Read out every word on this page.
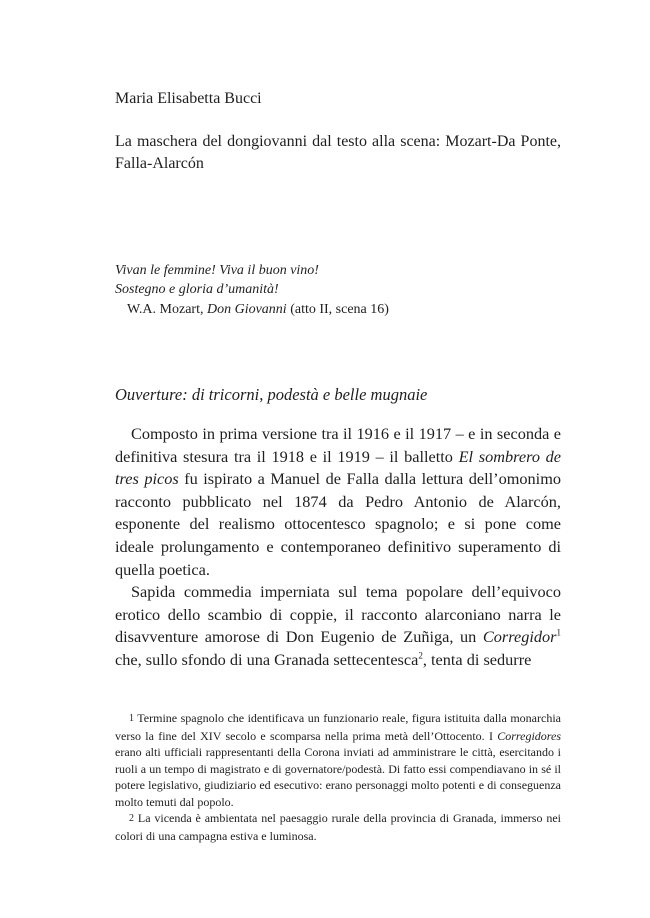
Maria Elisabetta Bucci
La maschera del dongiovanni dal testo alla scena: Mozart-Da Ponte, Falla-Alarcón
Vivan le femmine! Viva il buon vino!
Sostegno e gloria d’umanità!
W.A. Mozart, Don Giovanni (atto II, scena 16)
Ouverture: di tricorni, podestà e belle mugnaie

Composto in prima versione tra il 1916 e il 1917 – e in seconda e definitiva stesura tra il 1918 e il 1919 – il balletto El sombrero de tres picos fu ispirato a Manuel de Falla dalla lettura dell’omonimo racconto pubblicato nel 1874 da Pedro Antonio de Alarcón, esponente del realismo ottocentesco spagnolo; e si pone come ideale prolungamento e contemporaneo definitivo superamento di quella poetica.

Sapida commedia imperniata sul tema popolare dell’equivoco erotico dello scambio di coppie, il racconto alarconiano narra le disavventure amorose di Don Eugenio de Zuñiga, un Corregidor$^1$ che, sullo sfondo di una Granada settecentesca$^2$, tenta di sedurre

1 Termine spagnolo che identificava un funzionario reale, figura istituita dalla monarchia verso la fine del XIV secolo e scomparsa nella prima metà dell’Ottocento. I Corregidores erano alti ufficiali rappresentanti della Corona inviati ad amministrare le città, esercitando i ruoli a un tempo di magistrato e di governatore/podestà. Di fatto essi compendiavano in sé il potere legislativo, giudiziario ed esecutivo: erano personaggi molto potenti e di conseguenza molto temuti dal popolo.

2 La vicenda è ambientata nel paesaggio rurale della provincia di Granada, immerso nei colori di una campagna estiva e luminosa.
